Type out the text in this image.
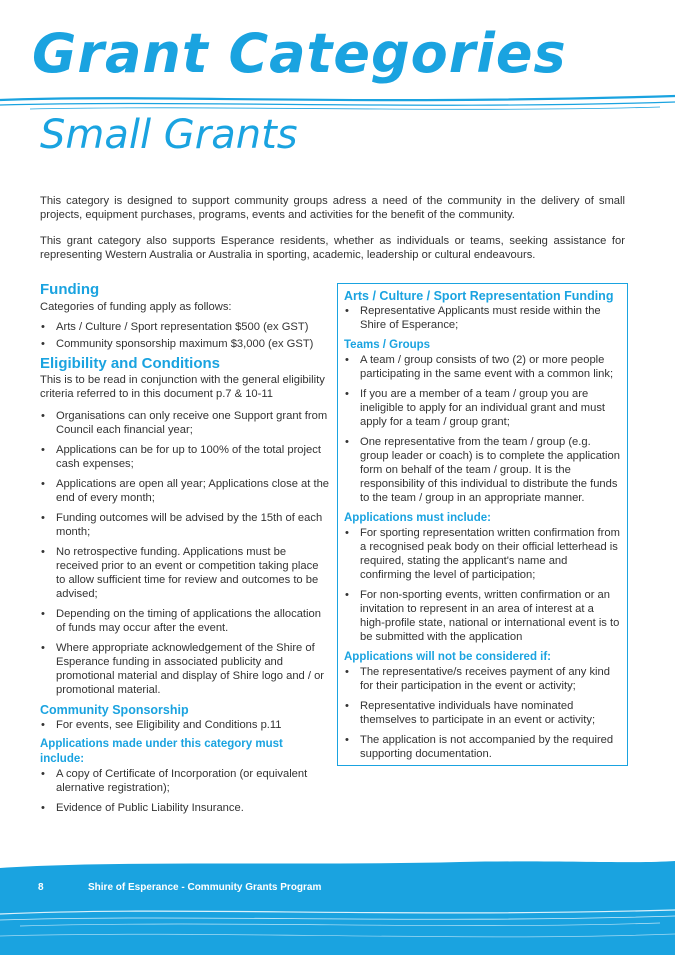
Grant Categories
Small Grants

This category is designed to support community groups adress a need of the community in the delivery of small projects, equipment purchases, programs, events and activities for the benefit of the community.

This grant category also supports Esperance residents, whether as individuals or teams, seeking assistance for representing Western Australia or Australia in sporting, academic, leadership or cultural endeavours.

Funding
Categories of funding apply as follows:
• Arts / Culture / Sport representation $500 (ex GST)
• Community sponsorship maximum $3,000 (ex GST)
Eligibility and Conditions
This is to be read in conjunction with the general eligibility criteria referred to in this document p.7 & 10-11
• Organisations can only receive one Support grant from Council each financial year;
• Applications can be for up to 100% of the total project cash expenses;
• Applications are open all year; Applications close at the end of every month;
• Funding outcomes will be advised by the 15th of each month;
• No retrospective funding. Applications must be received prior to an event or competition taking place to allow sufficient time for review and outcomes to be advised;
• Depending on the timing of applications the allocation of funds may occur after the event.
• Where appropriate acknowledgement of the Shire of Esperance funding in associated publicity and promotional material and display of Shire logo and / or promotional material.
Community Sponsorship
• For events, see Eligibility and Conditions p.11
Applications made under this category must include:
• A copy of Certificate of Incorporation (or equivalent alernative registration);
• Evidence of Public Liability Insurance.
Arts / Culture / Sport Representation Funding
• Representative Applicants must reside within the Shire of Esperance;
Teams / Groups
• A team / group consists of two (2) or more people participating in the same event with a common link;
• If you are a member of a team / group you are ineligible to apply for an individual grant and must apply for a team / group grant;
• One representative from the team / group (e.g. group leader or coach) is to complete the application form on behalf of the team / group. It is the responsibility of this individual to distribute the funds to the team / group in an appropriate manner.
Applications must include:
• For sporting representation written confirmation from a recognised peak body on their official letterhead is required, stating the applicant's name and confirming the level of participation;
• For non-sporting events, written confirmation or an invitation to represent in an area of interest at a high-profile state, national or international event is to be submitted with the application
Applications will not be considered if:
• The representative/s receives payment of any kind for their participation in the event or activity;
• Representative individuals have nominated themselves to participate in an event or activity;
• The application is not accompanied by the required supporting documentation.
8	Shire of Esperance - Community Grants Program
